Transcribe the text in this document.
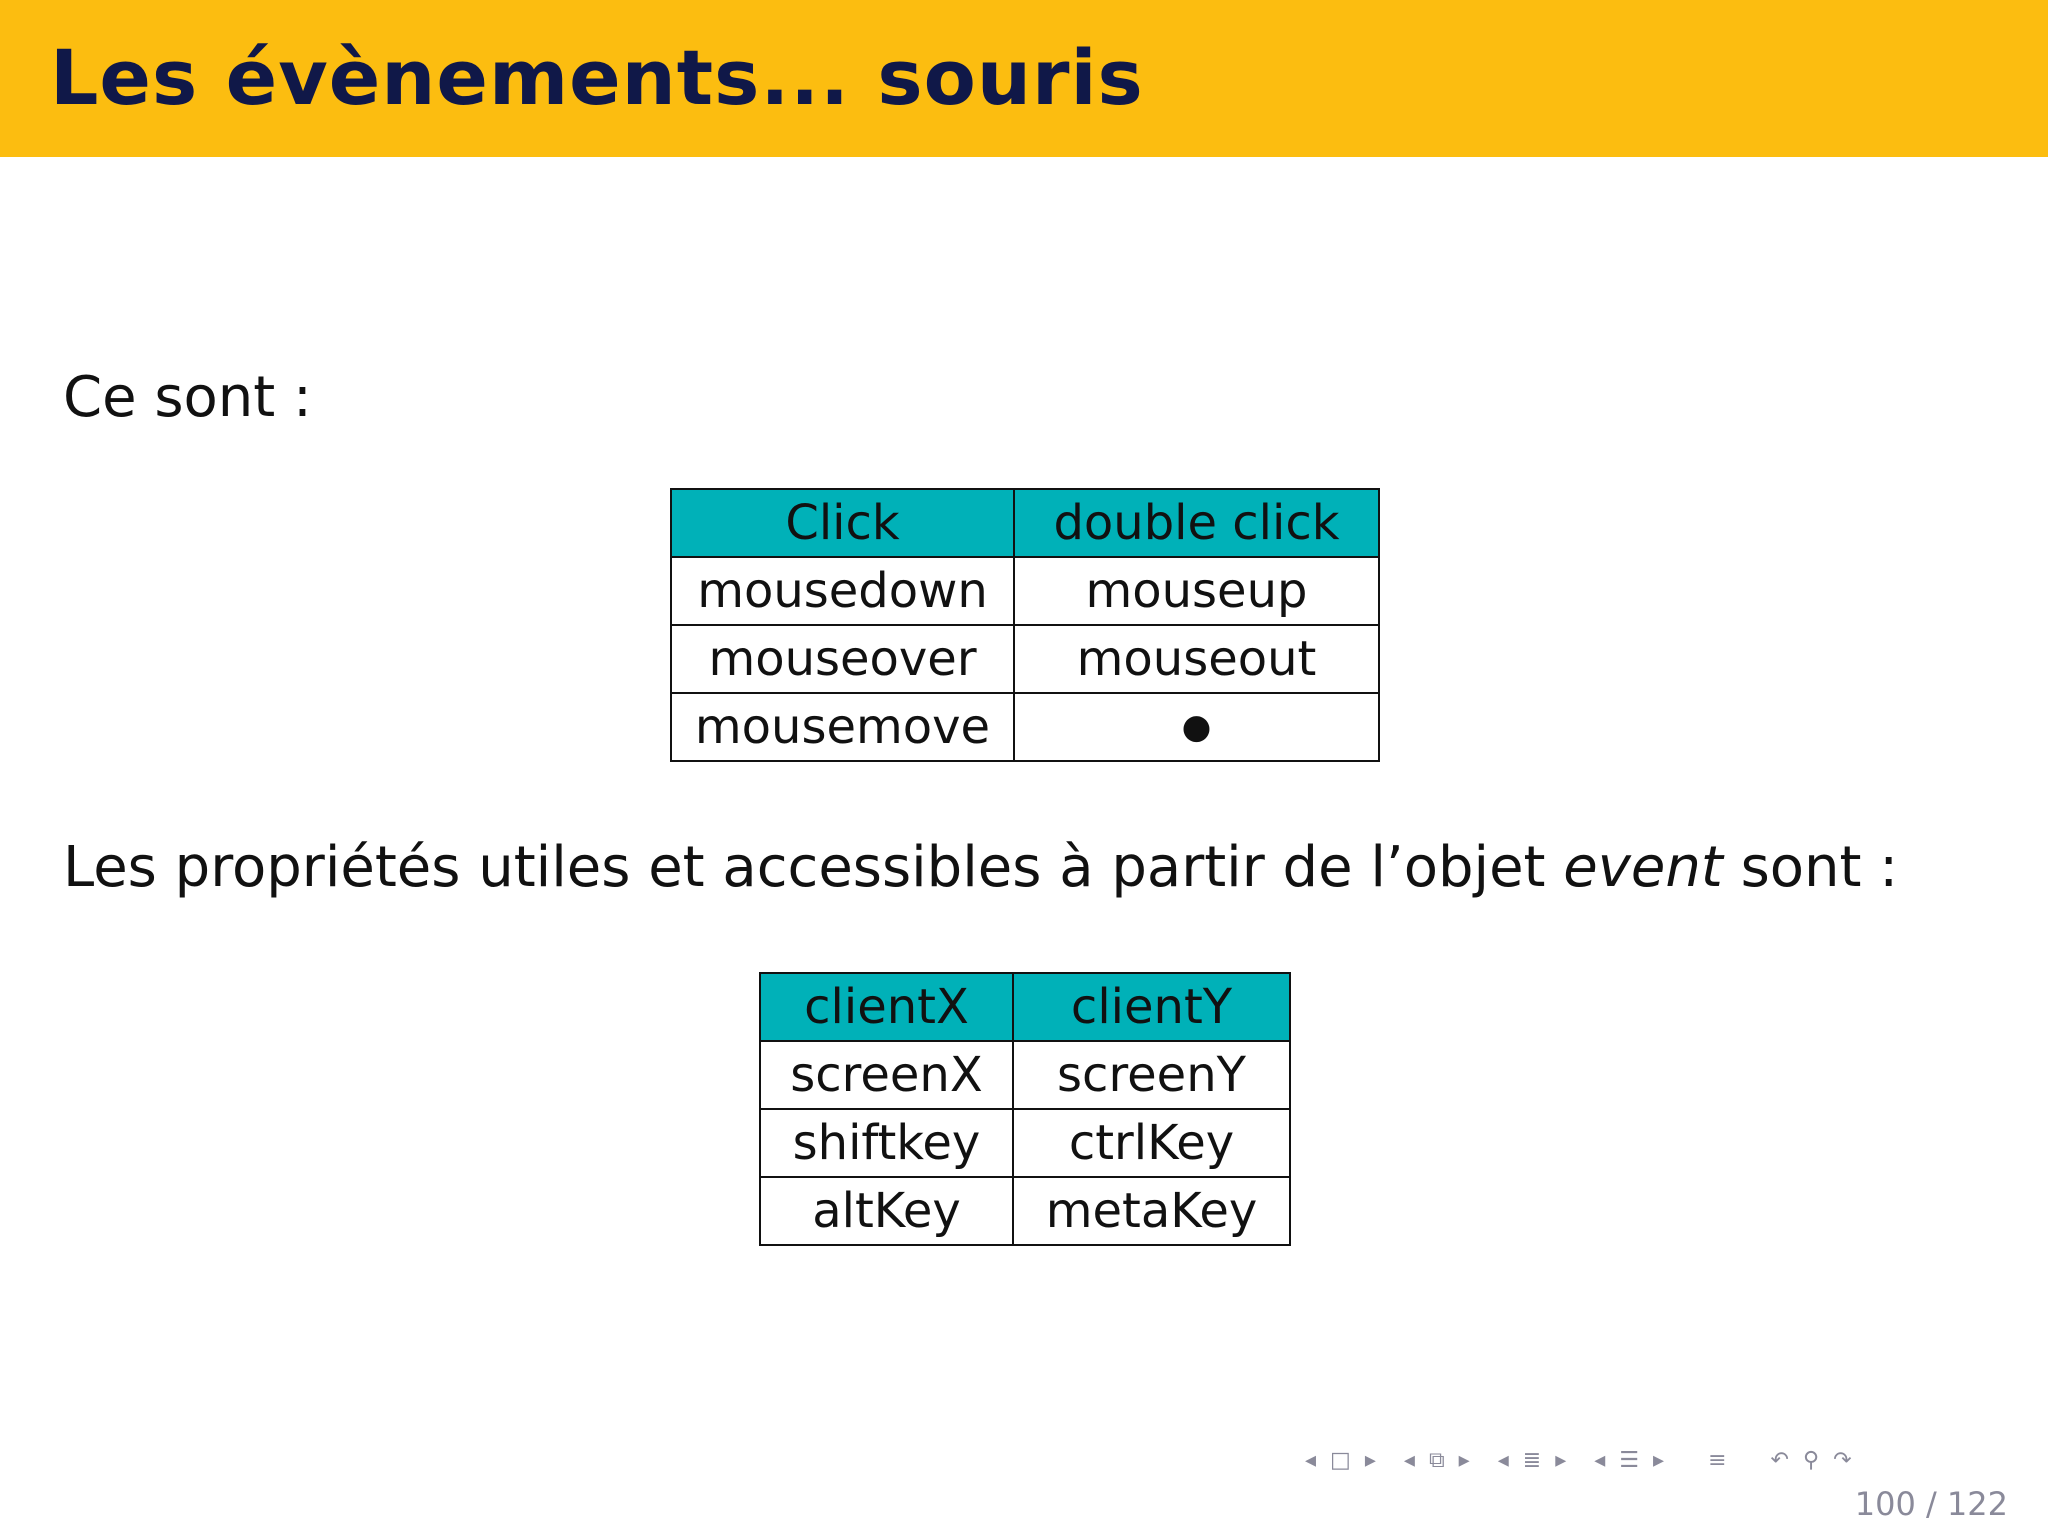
Les évènements... souris

Ce sont :

Click	double click
mousedown	mouseup
mouseover	mouseout
mousemove	●

Les propriétés utiles et accessibles à partir de l’objet event sont :

clientX	clientY
screenX	screenY
shiftkey	ctrlKey
altKey	metaKey
◂ □ ▸ ◂ ⧉ ▸ ◂ ≣ ▸ ◂ ☰ ▸ ≡ ↶ ⚲ ↷
100 / 122
